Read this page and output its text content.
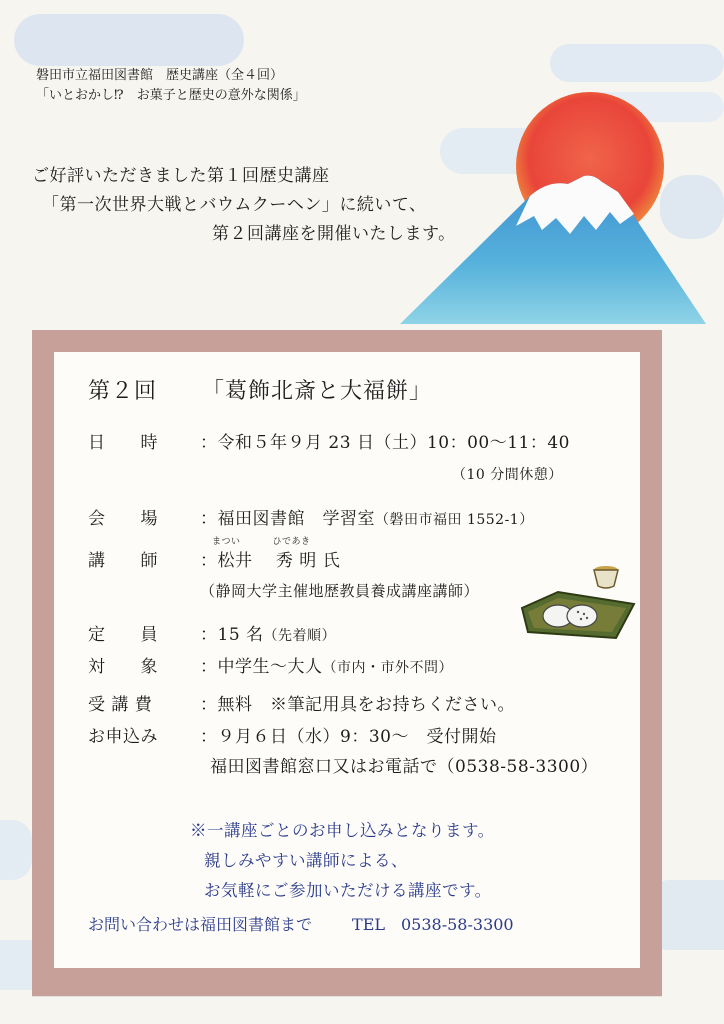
磐田市立福田図書館　歴史講座（全４回）
「いとおかし⁉　お菓子と歴史の意外な関係」
ご好評いただきました第１回歴史講座
「第一次世界大戦とバウムクーヘン」に続いて、
第２回講座を開催いたします。
第２回 「葛飾北斎と大福餅」
日　　時 ：令和５年９月 23 日（土）10：00～11：40
（10 分間休憩）
会　　場 ：福田図書館　学習室（磐田市福田 1552-1）
まつい	ひであき
講　　師 ：松井　 秀 明 氏
（静岡大学主催地歴教員養成講座講師）
定　　員 ：15 名（先着順）
対　　象 ：中学生～大人（市内・市外不問）
受 講 費	：無料　※筆記用具をお持ちください。
お申込み ：９月６日（水）9：30～　受付開始
福田図書館窓口又はお電話で（0538-58-3300）
※一講座ごとのお申し込みとなります。
親しみやすい講師による、
お気軽にご参加いただける講座です。
お問い合わせは福田図書館まで	TEL　0538-58-3300
